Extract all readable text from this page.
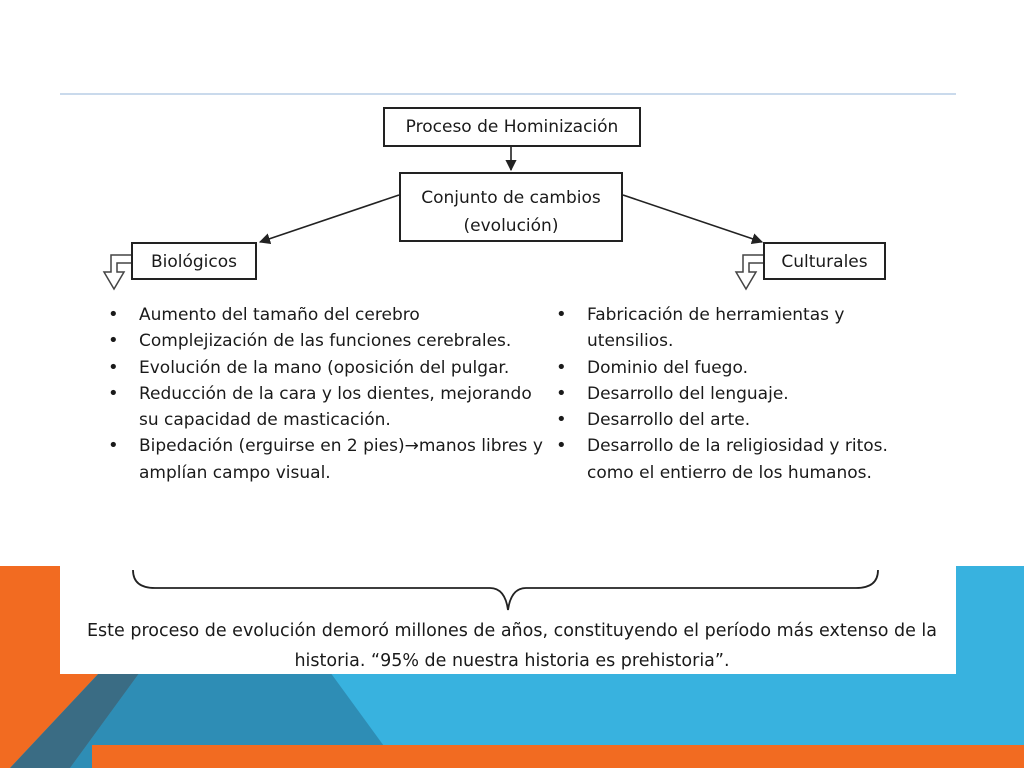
Proceso de Hominización
Conjunto de cambios
(evolución)
Biológicos	Culturales
• Aumento del tamaño del cerebro
• Complejización de las funciones cerebrales.
• Evolución de la mano (oposición del pulgar.
• Reducción de la cara y los dientes, mejorando su capacidad de masticación.
• Bipedación (erguirse en 2 pies)→manos libres y amplían campo visual.
• Fabricación de herramientas y utensilios.
• Dominio del fuego.
• Desarrollo del lenguaje.
• Desarrollo del arte.
• Desarrollo de la religiosidad y ritos. como el entierro de los humanos.
Este proceso de evolución demoró millones de años, constituyendo el período más extenso de la historia. “95% de nuestra historia es prehistoria”.
